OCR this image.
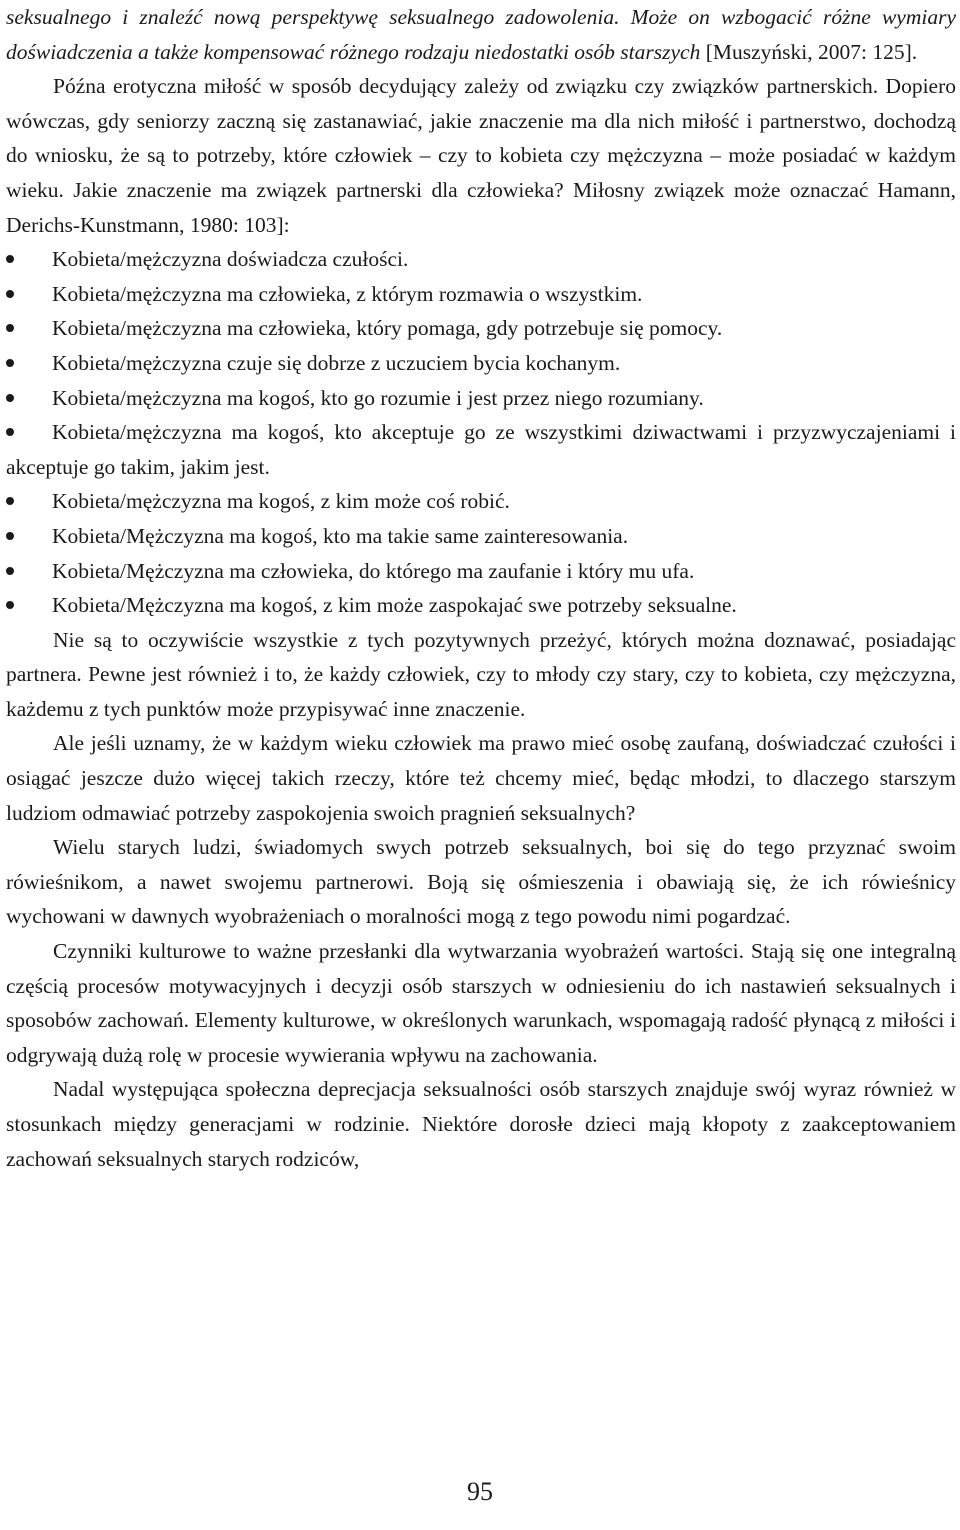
seksualnego i znaleźć nową perspektywę seksualnego zadowolenia. Może on wzbogacić różne wymiary doświadczenia a także kompensować różnego rodzaju niedostatki osób starszych [Muszyński, 2007: 125].

Późna erotyczna miłość w sposób decydujący zależy od związku czy związków partnerskich. Dopiero wówczas, gdy seniorzy zaczną się zastanawiać, jakie znaczenie ma dla nich miłość i partnerstwo, dochodzą do wniosku, że są to potrzeby, które człowiek – czy to kobieta czy mężczyzna – może posiadać w każdym wieku. Jakie znaczenie ma związek partnerski dla człowieka? Miłosny związek może oznaczać Hamann, Derichs-Kunstmann, 1980: 103]:

Kobieta/mężczyzna doświadcza czułości.
Kobieta/mężczyzna ma człowieka, z którym rozmawia o wszystkim.
Kobieta/mężczyzna ma człowieka, który pomaga, gdy potrzebuje się pomocy.
Kobieta/mężczyzna czuje się dobrze z uczuciem bycia kochanym.
Kobieta/mężczyzna ma kogoś, kto go rozumie i jest przez niego rozumiany.
Kobieta/mężczyzna ma kogoś, kto akceptuje go ze wszystkimi dziwactwami i przyzwyczajeniami i akceptuje go takim, jakim jest.
Kobieta/mężczyzna ma kogoś, z kim może coś robić.
Kobieta/Mężczyzna ma kogoś, kto ma takie same zainteresowania.
Kobieta/Mężczyzna ma człowieka, do którego ma zaufanie i który mu ufa.
Kobieta/Mężczyzna ma kogoś, z kim może zaspokajać swe potrzeby seksualne.

Nie są to oczywiście wszystkie z tych pozytywnych przeżyć, których można doznawać, posiadając partnera. Pewne jest również i to, że każdy człowiek, czy to młody czy stary, czy to kobieta, czy mężczyzna, każdemu z tych punktów może przypisywać inne znaczenie.

Ale jeśli uznamy, że w każdym wieku człowiek ma prawo mieć osobę zaufaną, doświadczać czułości i osiągać jeszcze dużo więcej takich rzeczy, które też chcemy mieć, będąc młodzi, to dlaczego starszym ludziom odmawiać potrzeby zaspokojenia swoich pragnień seksualnych?

Wielu starych ludzi, świadomych swych potrzeb seksualnych, boi się do tego przyznać swoim rówieśnikom, a nawet swojemu partnerowi. Boją się ośmieszenia i obawiają się, że ich rówieśnicy wychowani w dawnych wyobrażeniach o moralności mogą z tego powodu nimi pogardzać.

Czynniki kulturowe to ważne przesłanki dla wytwarzania wyobrażeń wartości. Stają się one integralną częścią procesów motywacyjnych i decyzji osób starszych w odniesieniu do ich nastawień seksualnych i sposobów zachowań. Elementy kulturowe, w określonych warunkach, wspomagają radość płynącą z miłości i odgrywają dużą rolę w procesie wywierania wpływu na zachowania.

Nadal występująca społeczna deprecjacja seksualności osób starszych znajduje swój wyraz również w stosunkach między generacjami w rodzinie. Niektóre dorosłe dzieci mają kłopoty z zaakceptowaniem zachowań seksualnych starych rodziców,

95
